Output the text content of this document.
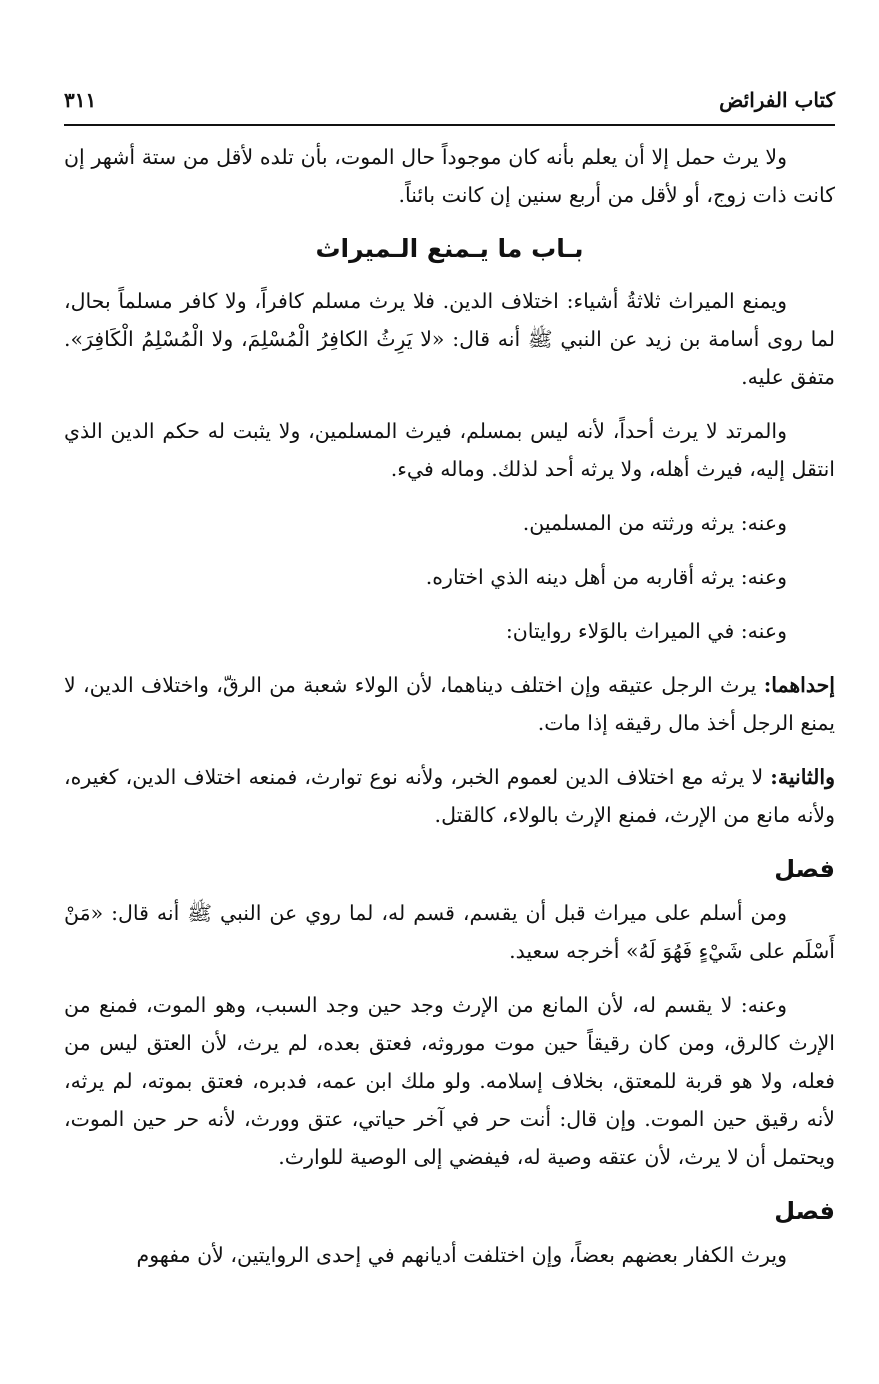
كتاب الفرائض
٣١١

ولا يرث حمل إلا أن يعلم بأنه كان موجوداً حال الموت، بأن تلده لأقل من ستة أشهر إن كانت ذات زوج، أو لأقل من أربع سنين إن كانت بائناً.

بـاب ما يـمنع الـميراث

ويمنع الميراث ثلاثةُ أشياء: اختلاف الدين. فلا يرث مسلم كافراً، ولا كافر مسلماً بحال، لما روى أسامة بن زيد عن النبي ﷺ أنه قال: «لا يَرِثُ الكافِرُ الْمُسْلِمَ، ولا الْمُسْلِمُ الْكَافِرَ». متفق عليه.

والمرتد لا يرث أحداً، لأنه ليس بمسلم، فيرث المسلمين، ولا يثبت له حكم الدين الذي انتقل إليه، فيرث أهله، ولا يرثه أحد لذلك. وماله فيء.

وعنه: يرثه ورثته من المسلمين.

وعنه: يرثه أقاربه من أهل دينه الذي اختاره.

وعنه: في الميراث بالوَلاء روايتان:

إحداهما: يرث الرجل عتيقه وإن اختلف ديناهما، لأن الولاء شعبة من الرقّ، واختلاف الدين، لا يمنع الرجل أخذ مال رقيقه إذا مات.

والثانية: لا يرثه مع اختلاف الدين لعموم الخبر، ولأنه نوع توارث، فمنعه اختلاف الدين، كغيره، ولأنه مانع من الإرث، فمنع الإرث بالولاء، كالقتل.

فصل

ومن أسلم على ميراث قبل أن يقسم، قسم له، لما روي عن النبي ﷺ أنه قال: «مَنْ أَسْلَم على شَيْءٍ فَهُوَ لَهُ» أخرجه سعيد.

وعنه: لا يقسم له، لأن المانع من الإرث وجد حين وجد السبب، وهو الموت، فمنع من الإرث كالرق، ومن كان رقيقاً حين موت موروثه، فعتق بعده، لم يرث، لأن العتق ليس من فعله، ولا هو قربة للمعتق، بخلاف إسلامه. ولو ملك ابن عمه، فدبره، فعتق بموته، لم يرثه، لأنه رقيق حين الموت. وإن قال: أنت حر في آخر حياتي، عتق وورث، لأنه حر حين الموت، ويحتمل أن لا يرث، لأن عتقه وصية له، فيفضي إلى الوصية للوارث.

فصل

ويرث الكفار بعضهم بعضاً، وإن اختلفت أديانهم في إحدى الروايتين، لأن مفهوم
